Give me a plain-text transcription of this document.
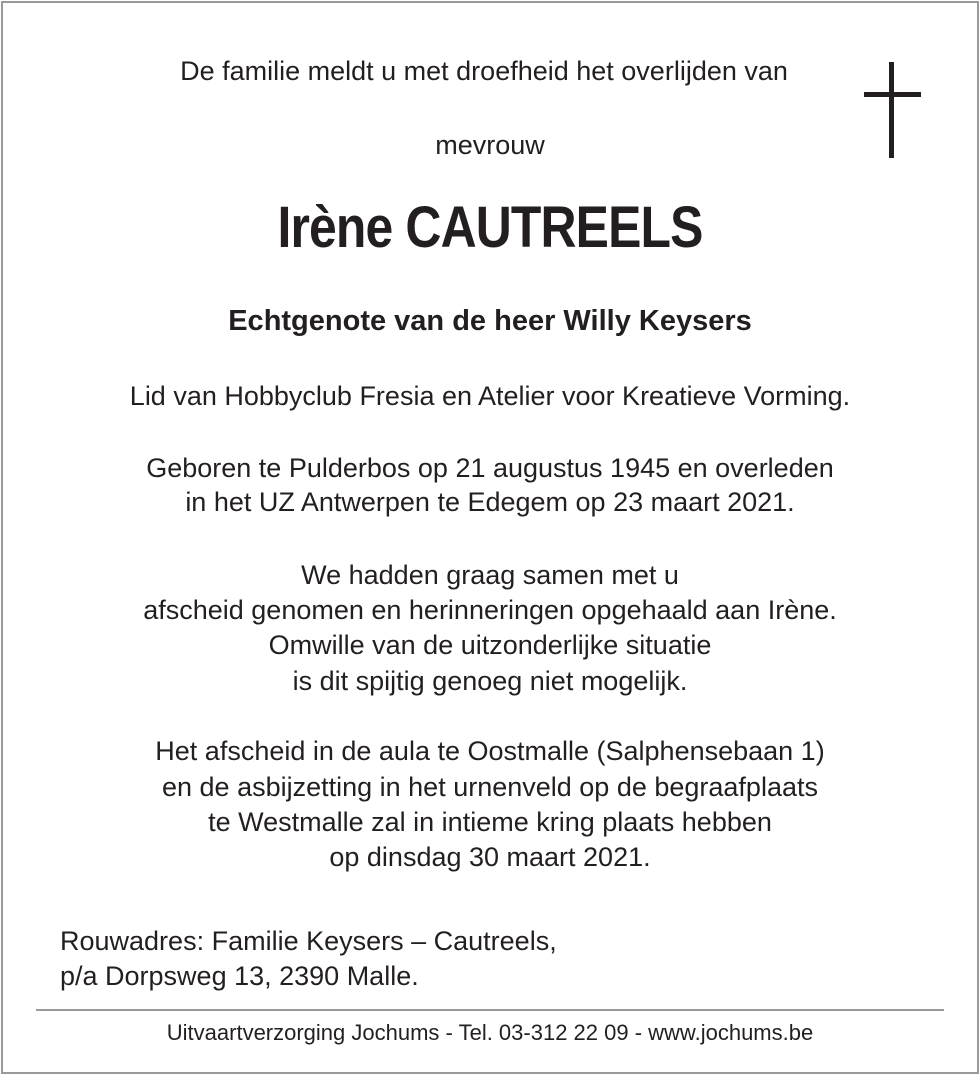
De familie meldt u met droefheid het overlijden van
mevrouw
Irène CAUTREELS
Echtgenote van de heer Willy Keysers
Lid van Hobbyclub Fresia en Atelier voor Kreatieve Vorming.
Geboren te Pulderbos op 21 augustus 1945 en overleden
in het UZ Antwerpen te Edegem op 23 maart 2021.
We hadden graag samen met u
afscheid genomen en herinneringen opgehaald aan Irène.
Omwille van de uitzonderlijke situatie
is dit spijtig genoeg niet mogelijk.
Het afscheid in de aula te Oostmalle (Salphensebaan 1)
en de asbijzetting in het urnenveld op de begraafplaats
te Westmalle zal in intieme kring plaats hebben
op dinsdag 30 maart 2021.
Rouwadres: Familie Keysers – Cautreels,
p/a Dorpsweg 13, 2390 Malle.
Uitvaartverzorging Jochums - Tel. 03-312 22 09 - www.jochums.be
